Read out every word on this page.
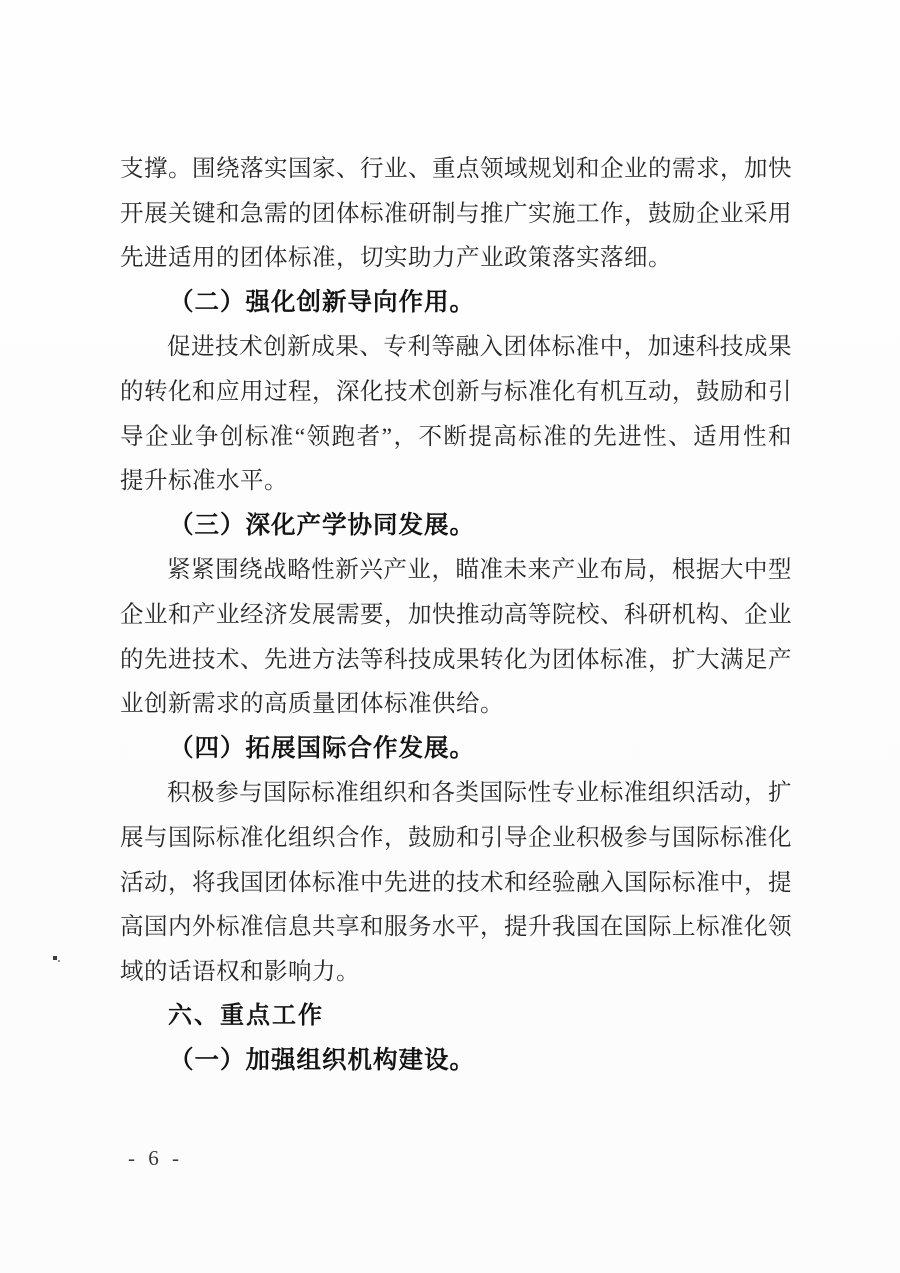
支撑。围绕落实国家、行业、重点领域规划和企业的需求，加快
开展关键和急需的团体标准研制与推广实施工作，鼓励企业采用
先进适用的团体标准，切实助力产业政策落实落细。
（二）强化创新导向作用。
促进技术创新成果、专利等融入团体标准中，加速科技成果
的转化和应用过程，深化技术创新与标准化有机互动，鼓励和引
导企业争创标准“领跑者”，不断提高标准的先进性、适用性和
提升标准水平。
（三）深化产学协同发展。
紧紧围绕战略性新兴产业，瞄准未来产业布局，根据大中型
企业和产业经济发展需要，加快推动高等院校、科研机构、企业
的先进技术、先进方法等科技成果转化为团体标准，扩大满足产
业创新需求的高质量团体标准供给。
（四）拓展国际合作发展。
积极参与国际标准组织和各类国际性专业标准组织活动，扩
展与国际标准化组织合作，鼓励和引导企业积极参与国际标准化
活动，将我国团体标准中先进的技术和经验融入国际标准中，提
高国内外标准信息共享和服务水平，提升我国在国际上标准化领
域的话语权和影响力。
六、重点工作
（一）加强组织机构建设。
- 6 -
